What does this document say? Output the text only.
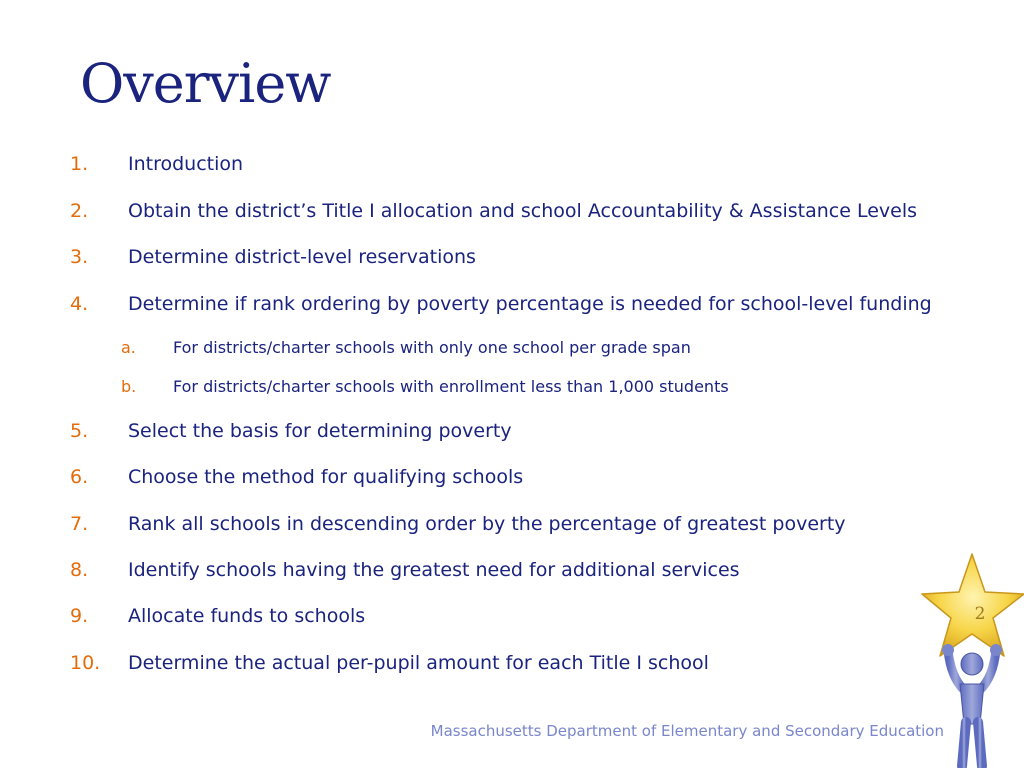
Overview
1. Introduction
2. Obtain the district’s Title I allocation and school Accountability & Assistance Levels
3. Determine district-level reservations
4. Determine if rank ordering by poverty percentage is needed for school-level funding
a. For districts/charter schools with only one school per grade span
b. For districts/charter schools with enrollment less than 1,000 students
5. Select the basis for determining poverty
6. Choose the method for qualifying schools
7. Rank all schools in descending order by the percentage of greatest poverty
8. Identify schools having the greatest need for additional services
9. Allocate funds to schools
10. Determine the actual per-pupil amount for each Title I school
Massachusetts Department of Elementary and Secondary Education
2
